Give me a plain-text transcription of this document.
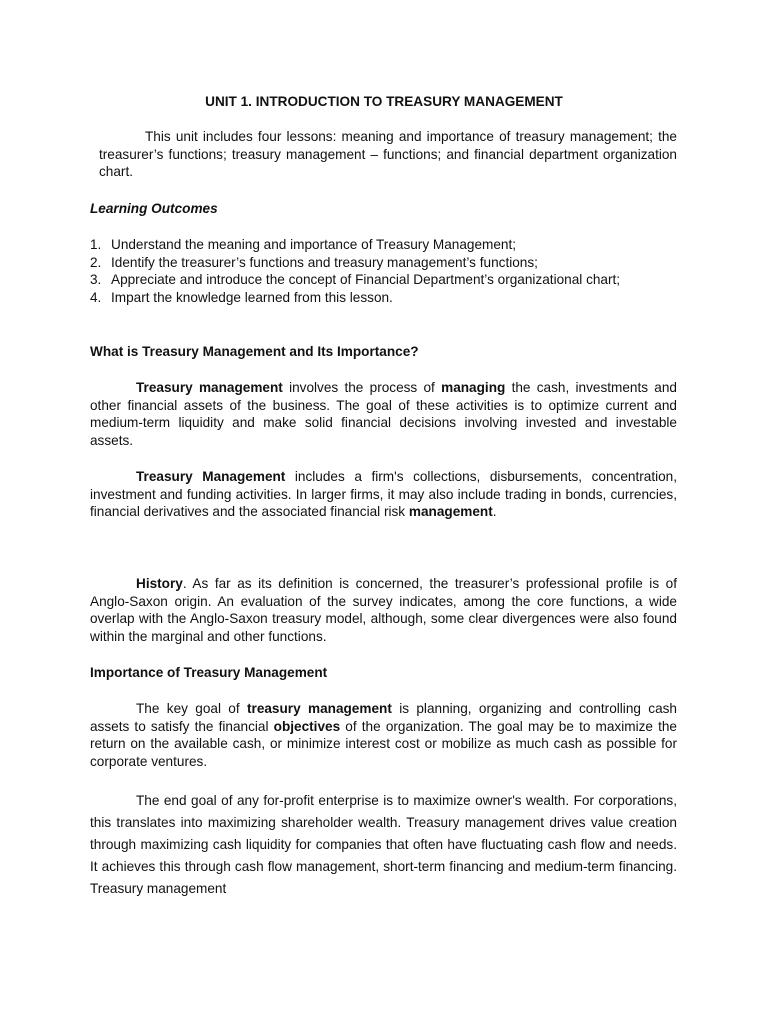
UNIT 1. INTRODUCTION TO TREASURY MANAGEMENT

This unit includes four lessons: meaning and importance of treasury management; the treasurer’s functions; treasury management – functions; and financial department organization chart.

Learning Outcomes
1. Understand the meaning and importance of Treasury Management;
2. Identify the treasurer’s functions and treasury management’s functions;
3. Appreciate and introduce the concept of Financial Department’s organizational chart;
4. Impart the knowledge learned from this lesson.
What is Treasury Management and Its Importance?

Treasury management involves the process of managing the cash, investments and other financial assets of the business. The goal of these activities is to optimize current and medium-term liquidity and make solid financial decisions involving invested and investable assets.

Treasury Management includes a firm's collections, disbursements, concentration, investment and funding activities. In larger firms, it may also include trading in bonds, currencies, financial derivatives and the associated financial risk management.

History. As far as its definition is concerned, the treasurer’s professional profile is of Anglo-Saxon origin. An evaluation of the survey indicates, among the core functions, a wide overlap with the Anglo-Saxon treasury model, although, some clear divergences were also found within the marginal and other functions.

Importance of Treasury Management

The key goal of treasury management is planning, organizing and controlling cash assets to satisfy the financial objectives of the organization. The goal may be to maximize the return on the available cash, or minimize interest cost or mobilize as much cash as possible for corporate ventures.

The end goal of any for-profit enterprise is to maximize owner's wealth. For corporations, this translates into maximizing shareholder wealth. Treasury management drives value creation through maximizing cash liquidity for companies that often have fluctuating cash flow and needs. It achieves this through cash flow management, short-term financing and medium-term financing. Treasury management
